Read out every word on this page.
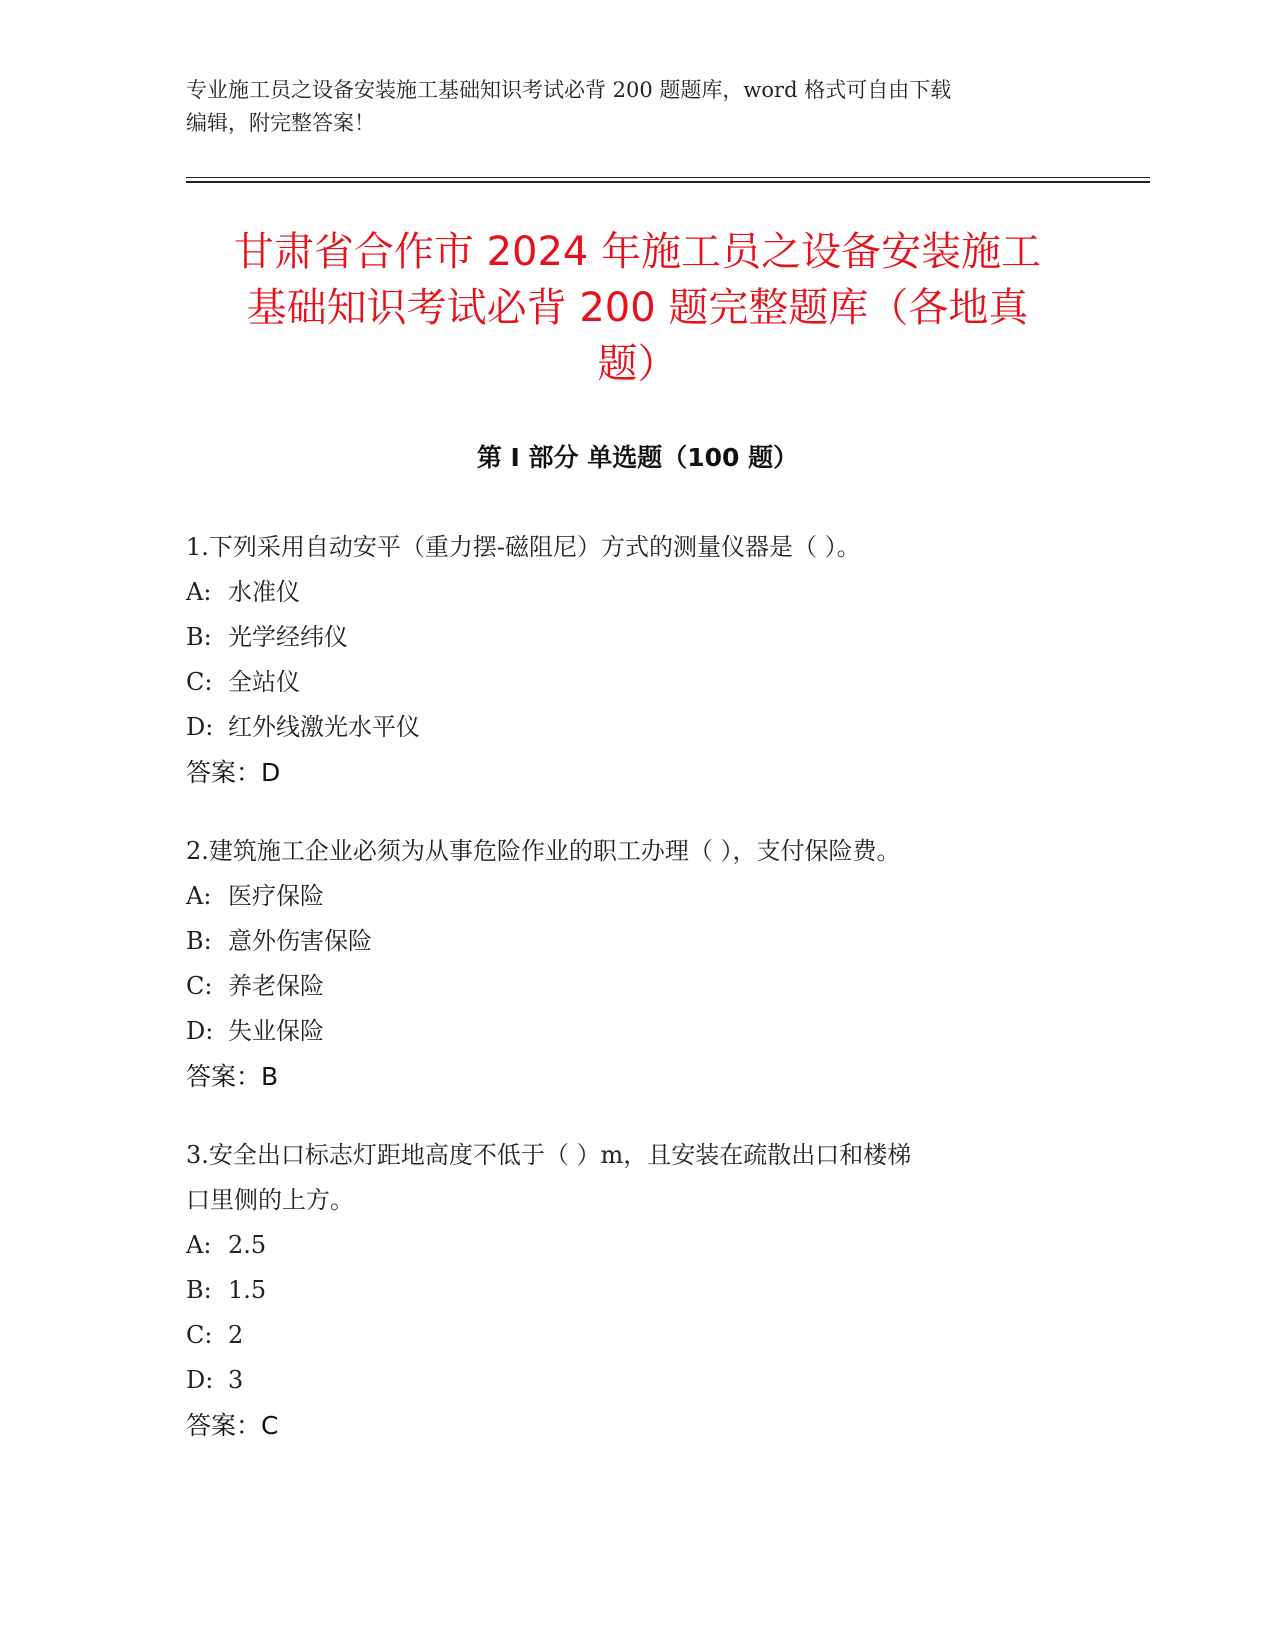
专业施工员之设备安装施工基础知识考试必背 200 题题库，word 格式可自由下载
编辑，附完整答案！
甘肃省合作市 2024 年施工员之设备安装施工
基础知识考试必背 200 题完整题库（各地真
题）
第 I 部分 单选题（100 题）
1.下列采用自动安平（重力摆-磁阻尼）方式的测量仪器是（ ）。
A: 水准仪
B: 光学经纬仪
C: 全站仪
D: 红外线激光水平仪
答案：D
2.建筑施工企业必须为从事危险作业的职工办理（ ），支付保险费。
A: 医疗保险
B: 意外伤害保险
C: 养老保险
D: 失业保险
答案：B
3.安全出口标志灯距地高度不低于（ ）m，且安装在疏散出口和楼梯
口里侧的上方。
A: 2.5
B: 1.5
C: 2
D: 3
答案：C
